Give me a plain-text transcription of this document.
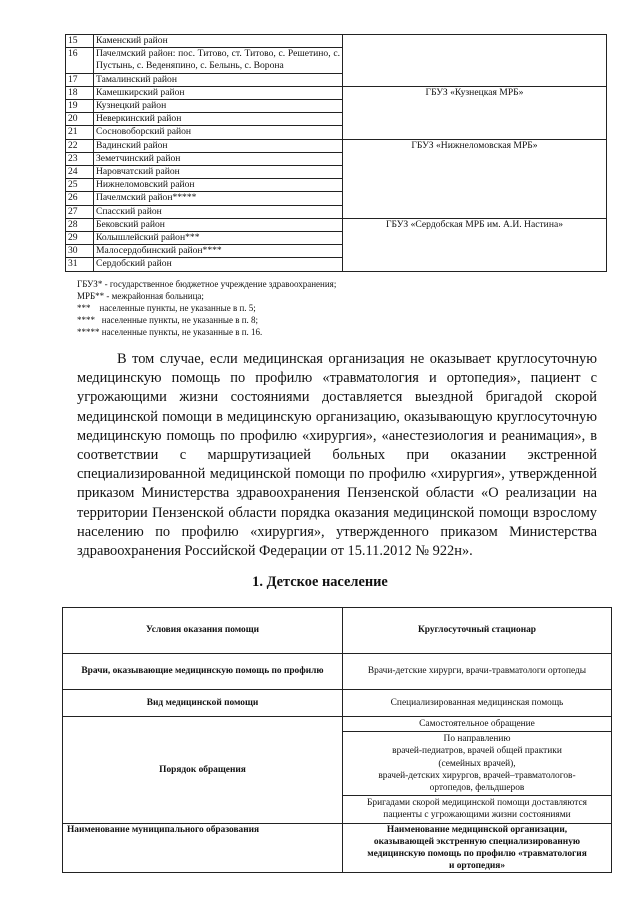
15	Каменский район	
16	Пачелмский район: пос. Титово, ст. Титово, с. Решетино, с. Пустынь, с. Веденяпино, с. Белынь, с. Ворона	
17	Тамалинский район	
18	Камешкирский район	ГБУЗ «Кузнецкая МРБ»
19	Кузнецкий район	
20	Неверкинский район	
21	Сосновоборский район	
22	Вадинский район	ГБУЗ «Нижнеломовская МРБ»
23	Земетчинский район	
24	Наровчатский район	
25	Нижнеломовский район	
26	Пачелмский район*****	
27	Спасский район	
28	Бековский район	ГБУЗ «Сердобская МРБ им. А.И. Настина»
29	Колышлейский район***	
30	Малосердобинский район****	
31	Сердобский район	
ГБУЗ* - государственное бюджетное учреждение здравоохранения;
МРБ** - межрайонная больница;
***    населенные пункты, не указанные в п. 5;
****   населенные пункты, не указанные в п. 8;
***** населенные пункты, не указанные в п. 16.
В том случае, если медицинская организация не оказывает круглосуточную медицинскую помощь по профилю «травматология и ортопедия», пациент с угрожающими жизни состояниями доставляется выездной бригадой скорой медицинской помощи в медицинскую организацию, оказывающую круглосуточную медицинскую помощь по профилю «хирургия», «анестезиология и реанимация», в соответствии с маршрутизацией больных при оказании экстренной специализированной медицинской помощи по профилю «хирургия», утвержденной приказом Министерства здравоохранения Пензенской области «О реализации на территории Пензенской области порядка оказания медицинской помощи взрослому населению по профилю «хирургия», утвержденного приказом Министерства здравоохранения Российской Федерации от 15.11.2012 № 922н».
1. Детское население
Условия оказания помощи	Круглосуточный стационар
Врачи, оказывающие медицинскую помощь по профилю	Врачи-детские хирурги, врачи-травматологи ортопеды
Вид медицинской помощи	Специализированная медицинская помощь
Порядок обращения	Самостоятельное обращение

	По направлению
врачей-педиатров, врачей общей практики
(семейных врачей),
врачей-детских хирургов, врачей–травматологов-
ортопедов, фельдшеров

	Бригадами скорой медицинской помощи доставляются
пациенты с угрожающими жизни состояниями

Наименование муниципального образования	Наименование медицинской организации,
оказывающей экстренную специализированную
медицинскую помощь по профилю «травматология
и ортопедия»
